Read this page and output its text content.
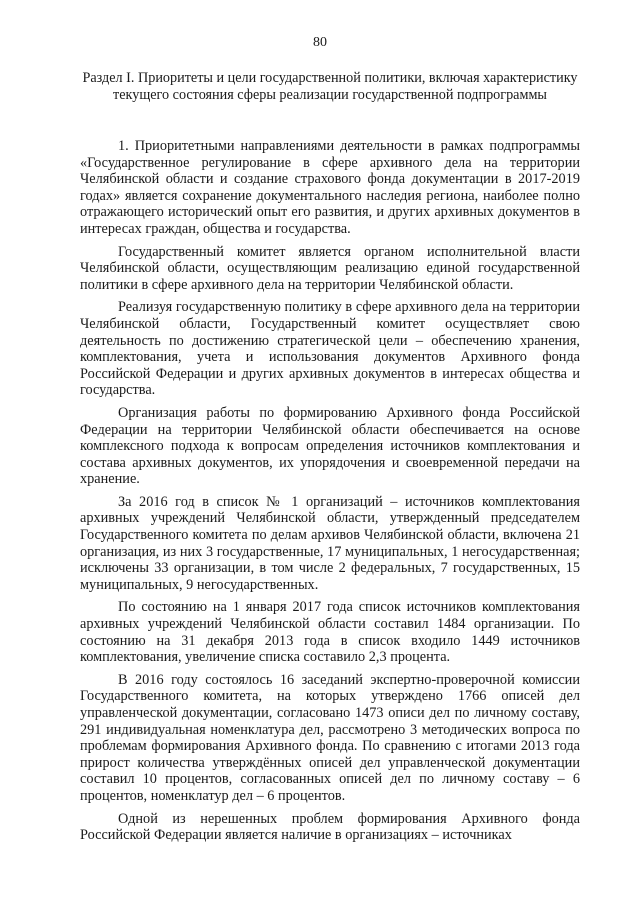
80
Раздел I. Приоритеты и цели государственной политики, включая характеристику текущего состояния сферы реализации государственной подпрограммы

1. Приоритетными направлениями деятельности в рамках подпрограммы «Государственное регулирование в сфере архивного дела на территории Челябинской области и создание страхового фонда документации в 2017-2019 годах» является сохранение документального наследия региона, наиболее полно отражающего исторический опыт его развития, и других архивных документов в интересах граждан, общества и государства.

Государственный комитет является органом исполнительной власти Челябинской области, осуществляющим реализацию единой государственной политики в сфере архивного дела на территории Челябинской области.

Реализуя государственную политику в сфере архивного дела на территории Челябинской области, Государственный комитет осуществляет свою деятельность по достижению стратегической цели – обеспечению хранения, комплектования, учета и использования документов Архивного фонда Российской Федерации и других архивных документов в интересах общества и государства.

Организация работы по формированию Архивного фонда Российской Федерации на территории Челябинской области обеспечивается на основе комплексного подхода к вопросам определения источников комплектования и состава архивных документов, их упорядочения и своевременной передачи на хранение.

За 2016 год в список № 1 организаций – источников комплектования архивных учреждений Челябинской области, утвержденный председателем Государственного комитета по делам архивов Челябинской области, включена 21 организация, из них 3 государственные, 17 муниципальных, 1 негосударственная; исключены 33 организации, в том числе 2 федеральных, 7 государственных, 15 муниципальных, 9 негосударственных.

По состоянию на 1 января 2017 года список источников комплектования архивных учреждений Челябинской области составил 1484 организации. По состоянию на 31 декабря 2013 года в список входило 1449 источников комплектования, увеличение списка составило 2,3 процента.

В 2016 году состоялось 16 заседаний экспертно-проверочной комиссии Государственного комитета, на которых утверждено 1766 описей дел управленческой документации, согласовано 1473 описи дел по личному составу, 291 индивидуальная номенклатура дел, рассмотрено 3 методических вопроса по проблемам формирования Архивного фонда. По сравнению с итогами 2013 года прирост количества утверждённых описей дел управленческой документации составил 10 процентов, согласованных описей дел по личному составу – 6 процентов, номенклатур дел – 6 процентов.

Одной из нерешенных проблем формирования Архивного фонда Российской Федерации является наличие в организациях – источниках
